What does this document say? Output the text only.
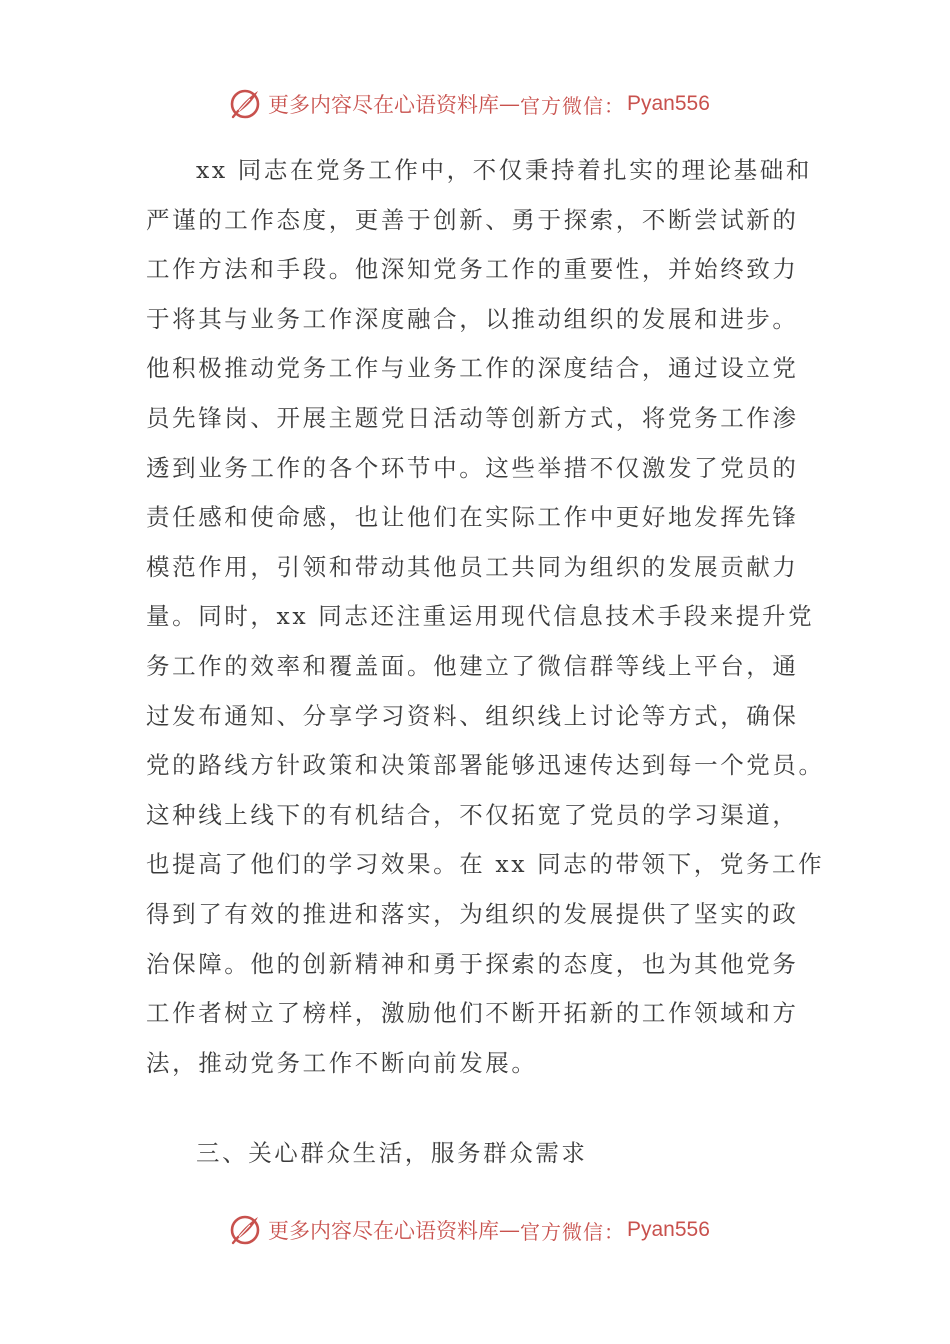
更多内容尽在心语资料库 — 官方微信： Pyan556
xx 同志在党务工作中，不仅秉持着扎实的理论基础和
严谨的工作态度，更善于创新、勇于探索，不断尝试新的
工作方法和手段。他深知党务工作的重要性，并始终致力
于将其与业务工作深度融合，以推动组织的发展和进步。
他积极推动党务工作与业务工作的深度结合，通过设立党
员先锋岗、开展主题党日活动等创新方式，将党务工作渗
透到业务工作的各个环节中。这些举措不仅激发了党员的
责任感和使命感，也让他们在实际工作中更好地发挥先锋
模范作用，引领和带动其他员工共同为组织的发展贡献力
量。同时，xx 同志还注重运用现代信息技术手段来提升党
务工作的效率和覆盖面。他建立了微信群等线上平台，通
过发布通知、分享学习资料、组织线上讨论等方式，确保
党的路线方针政策和决策部署能够迅速传达到每一个党员。
这种线上线下的有机结合，不仅拓宽了党员的学习渠道，
也提高了他们的学习效果。在 xx 同志的带领下，党务工作
得到了有效的推进和落实，为组织的发展提供了坚实的政
治保障。他的创新精神和勇于探索的态度，也为其他党务
工作者树立了榜样，激励他们不断开拓新的工作领域和方
法，推动党务工作不断向前发展。
三、关心群众生活，服务群众需求
更多内容尽在心语资料库 — 官方微信： Pyan556
